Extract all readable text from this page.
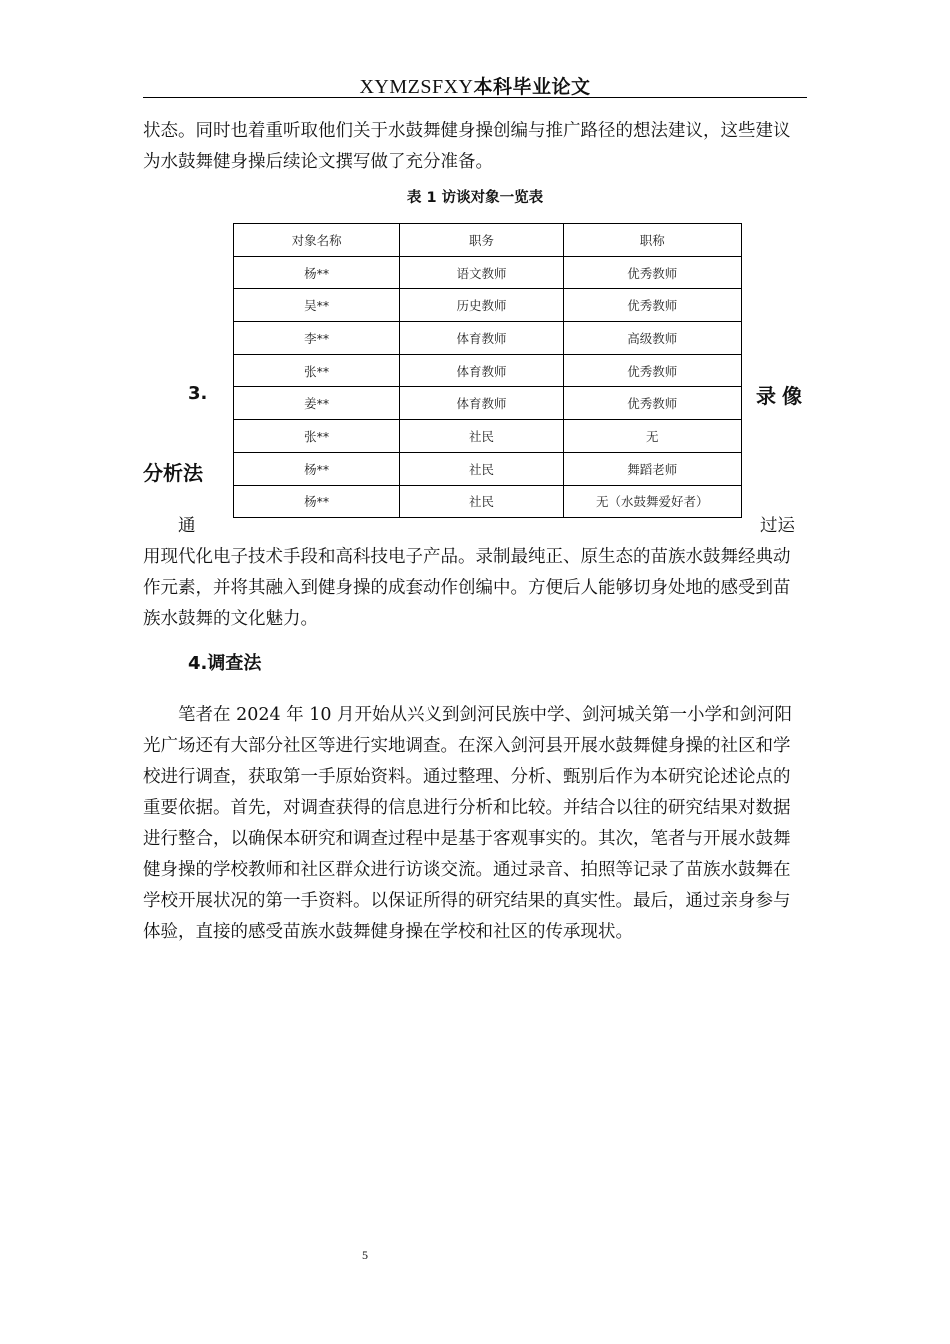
XYMZSFXY本科毕业论文

状态。同时也着重听取他们关于水鼓舞健身操创编与推广路径的想法建议，这些建议为水鼓舞健身操后续论文撰写做了充分准备。

表 1 访谈对象一览表
对象名称	职务	职称
杨**	语文教师	优秀教师
吴**	历史教师	优秀教师
李**	体育教师	高级教师
张**	体育教师	优秀教师
姜**	体育教师	优秀教师
张**	社民	无
杨**	社民	舞蹈老师
杨**	社民	无（水鼓舞爱好者）
3.	录像
分析法
通	过运

用现代化电子技术手段和高科技电子产品。录制最纯正、原生态的苗族水鼓舞经典动作元素，并将其融入到健身操的成套动作创编中。方便后人能够切身处地的感受到苗族水鼓舞的文化魅力。

4.调查法

笔者在 2024 年 10 月开始从兴义到剑河民族中学、剑河城关第一小学和剑河阳光广场还有大部分社区等进行实地调查。在深入剑河县开展水鼓舞健身操的社区和学校进行调查，获取第一手原始资料。通过整理、分析、甄别后作为本研究论述论点的重要依据。首先，对调查获得的信息进行分析和比较。并结合以往的研究结果对数据进行整合，以确保本研究和调查过程中是基于客观事实的。其次，笔者与开展水鼓舞健身操的学校教师和社区群众进行访谈交流。通过录音、拍照等记录了苗族水鼓舞在学校开展状况的第一手资料。以保证所得的研究结果的真实性。最后，通过亲身参与体验，直接的感受苗族水鼓舞健身操在学校和社区的传承现状。

5
